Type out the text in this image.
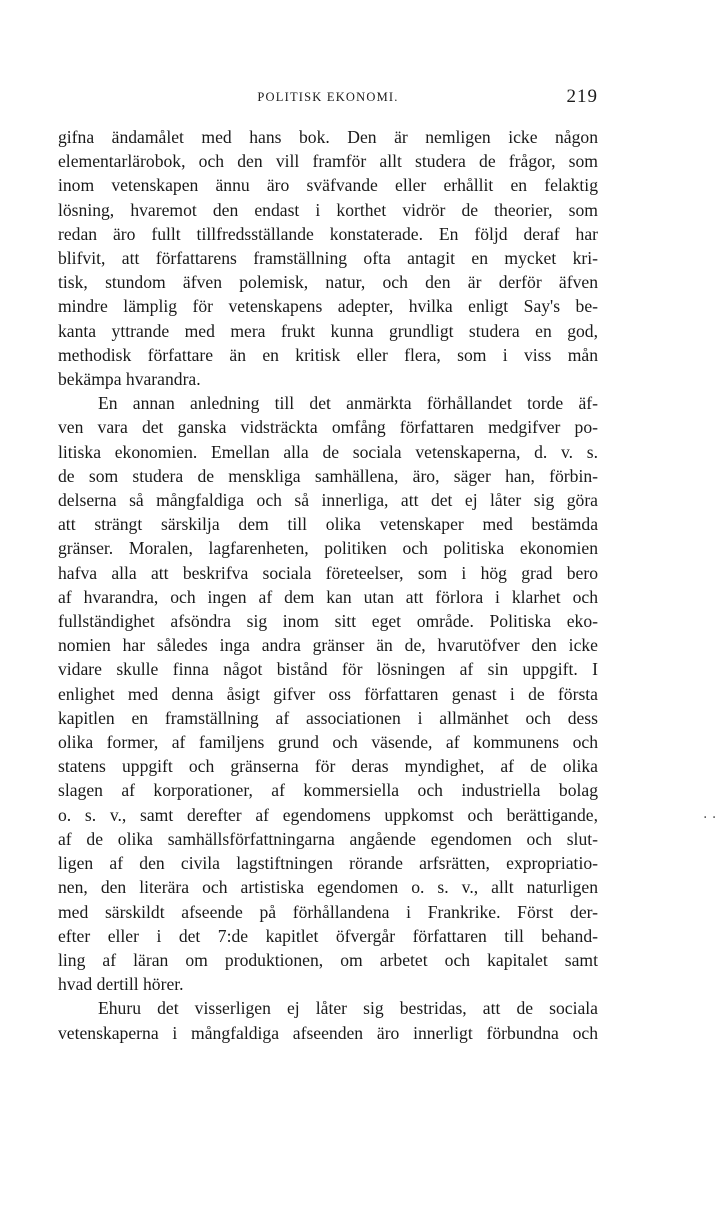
POLITISK EKONOMI.	219
gifna ändamålet med hans bok. Den är nemligen icke någon
elementarlärobok, och den vill framför allt studera de frågor, som
inom vetenskapen ännu äro sväfvande eller erhållit en felaktig
lösning, hvaremot den endast i korthet vidrör de theorier, som
redan äro fullt tillfredsställande konstaterade. En följd deraf har
blifvit, att författarens framställning ofta antagit en mycket kri-
tisk, stundom äfven polemisk, natur, och den är derför äfven
mindre lämplig för vetenskapens adepter, hvilka enligt Say's be-
kanta yttrande med mera frukt kunna grundligt studera en god,
methodisk författare än en kritisk eller flera, som i viss mån
bekämpa hvarandra.
En annan anledning till det anmärkta förhållandet torde äf-
ven vara det ganska vidsträckta omfång författaren medgifver po-
litiska ekonomien. Emellan alla de sociala vetenskaperna, d. v. s.
de som studera de menskliga samhällena, äro, säger han, förbin-
delserna så mångfaldiga och så innerliga, att det ej låter sig göra
att strängt särskilja dem till olika vetenskaper med bestämda
gränser. Moralen, lagfarenheten, politiken och politiska ekonomien
hafva alla att beskrifva sociala företeelser, som i hög grad bero
af hvarandra, och ingen af dem kan utan att förlora i klarhet och
fullständighet afsöndra sig inom sitt eget område. Politiska eko-
nomien har således inga andra gränser än de, hvarutöfver den icke
vidare skulle finna något bistånd för lösningen af sin uppgift. I
enlighet med denna åsigt gifver oss författaren genast i de första
kapitlen en framställning af associationen i allmänhet och dess
olika former, af familjens grund och väsende, af kommunens och
statens uppgift och gränserna för deras myndighet, af de olika
slagen af korporationer, af kommersiella och industriella bolag
o. s. v., samt derefter af egendomens uppkomst och berättigande,
af de olika samhällsförfattningarna angående egendomen och slut-
ligen af den civila lagstiftningen rörande arfsrätten, expropriatio-
nen, den literära och artistiska egendomen o. s. v., allt naturligen
med särskildt afseende på förhållandena i Frankrike. Först der-
efter eller i det 7:de kapitlet öfvergår författaren till behand-
ling af läran om produktionen, om arbetet och kapitalet samt
hvad dertill hörer.
Ehuru det visserligen ej låter sig bestridas, att de sociala
vetenskaperna i mångfaldiga afseenden äro innerligt förbundna och
· ·
